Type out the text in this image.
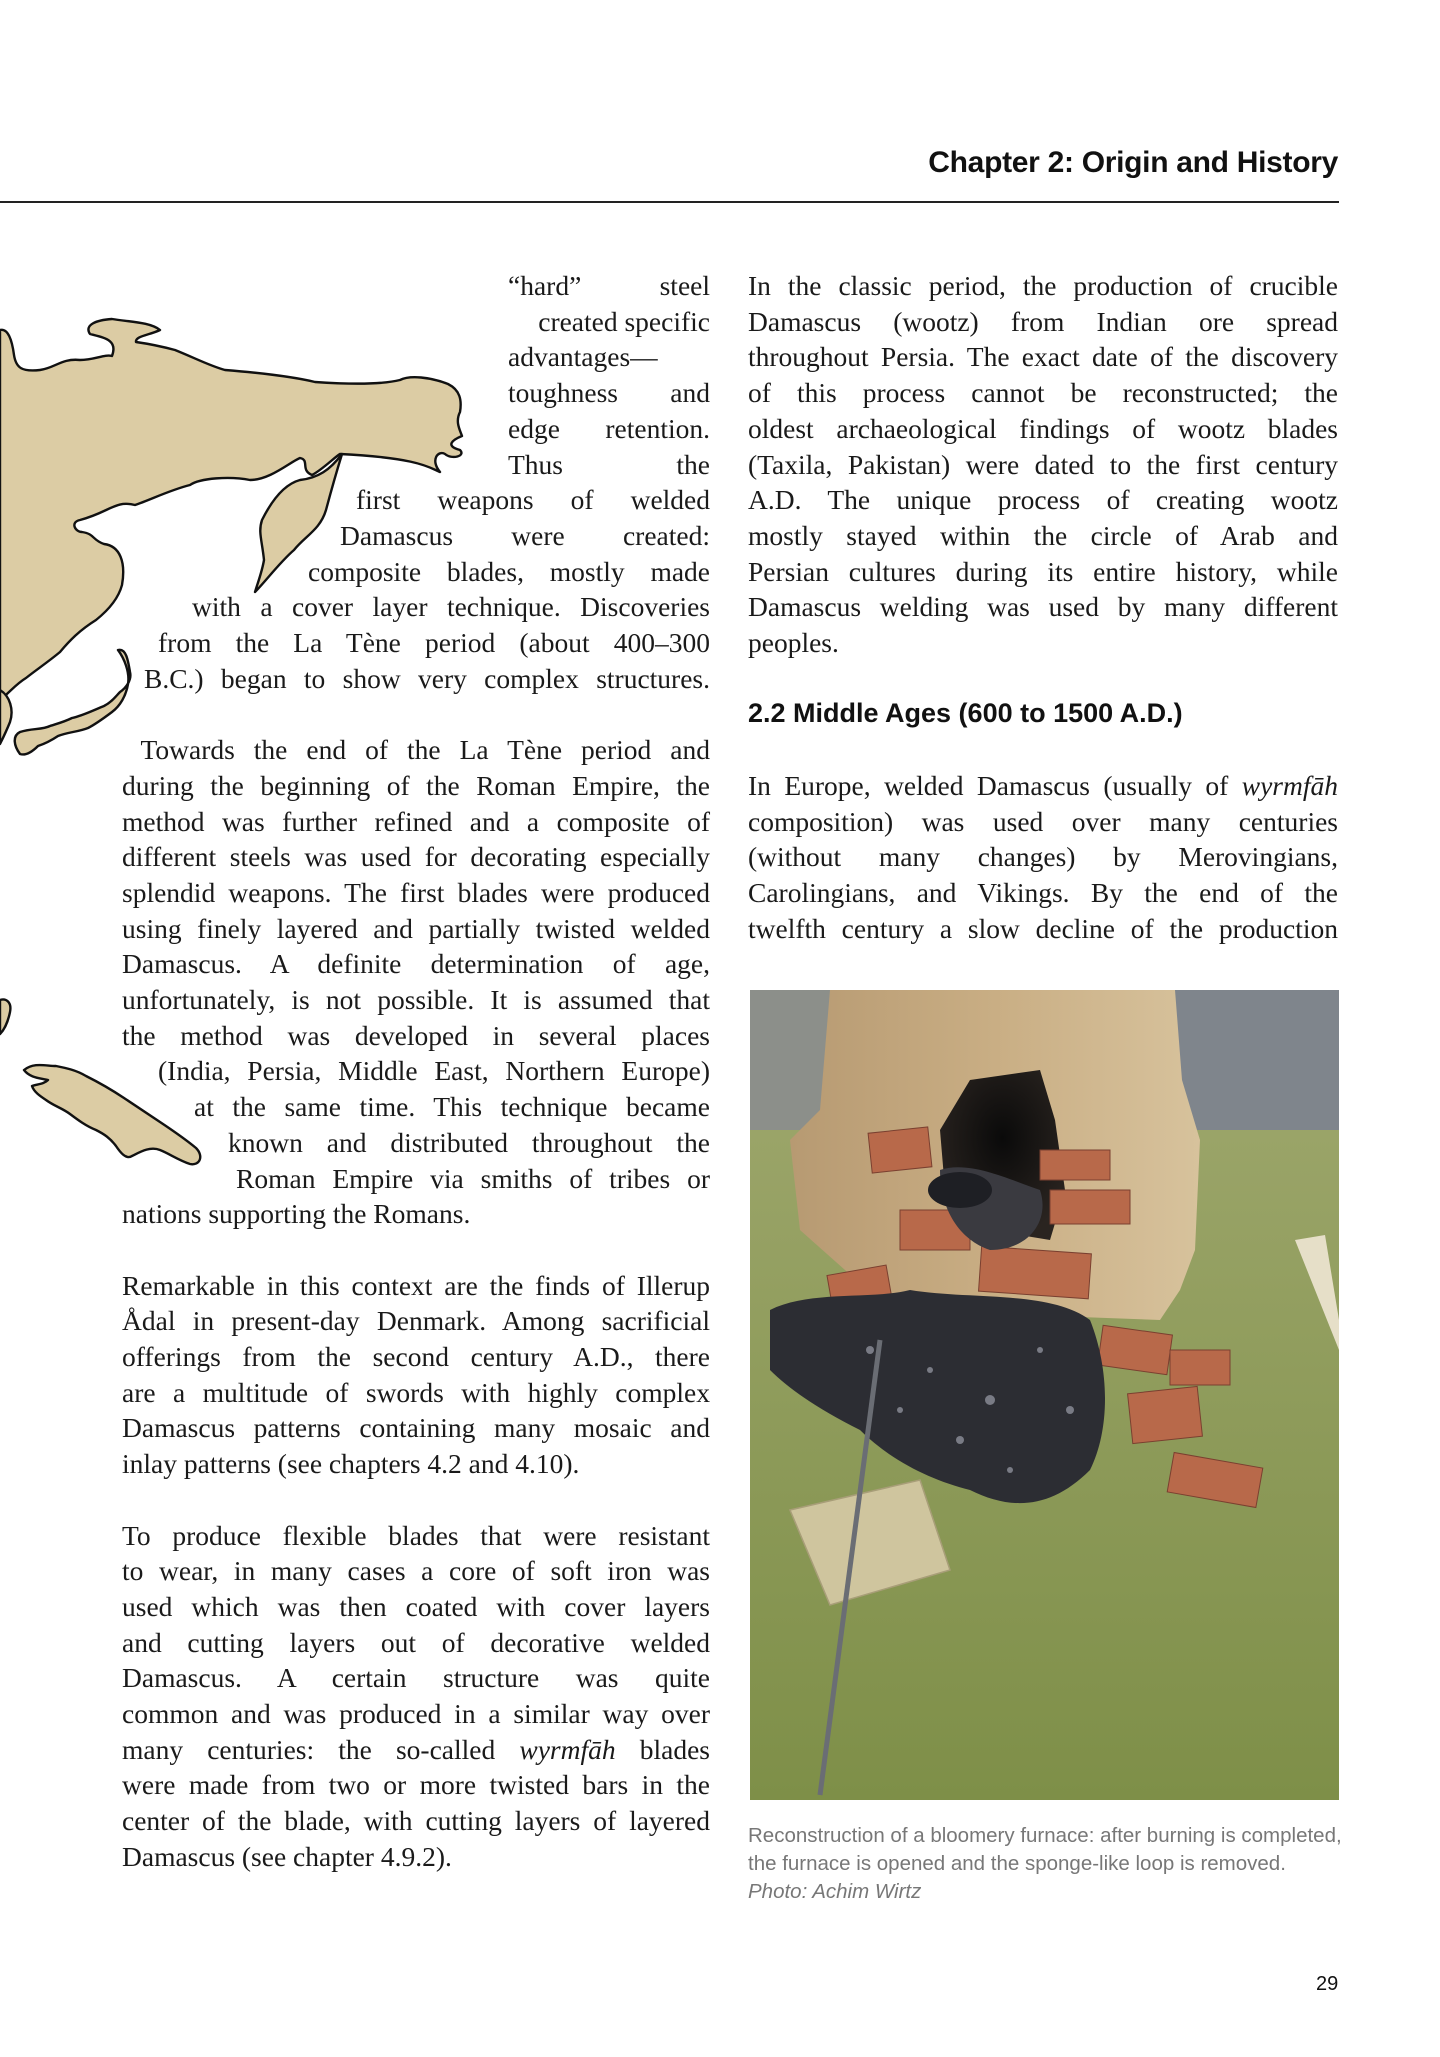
Chapter 2: Origin and History
“hard” steel
created specific
advantages—
toughness and
edge retention.
Thus the
first weapons of welded
Damascus were created:
composite blades, mostly made
with a cover layer technique. Discoveries
from the La Tène period (about 400–300
B.C.) began to show very complex structures.
Towards the end of the La Tène period and
during the beginning of the Roman Empire, the
method was further refined and a composite of
different steels was used for decorating especially
splendid weapons. The first blades were produced
using finely layered and partially twisted welded
Damascus. A definite determination of age,
unfortunately, is not possible. It is assumed that
the method was developed in several places
(India, Persia, Middle East, Northern Europe)
at the same time. This technique became
known and distributed throughout the
Roman Empire via smiths of tribes or
nations supporting the Romans.
Remarkable in this context are the finds of Illerup
Ådal in present-day Denmark. Among sacrificial
offerings from the second century A.D., there
are a multitude of swords with highly complex
Damascus patterns containing many mosaic and
inlay patterns (see chapters 4.2 and 4.10).
To produce flexible blades that were resistant
to wear, in many cases a core of soft iron was
used which was then coated with cover layers
and cutting layers out of decorative welded
Damascus. A certain structure was quite
common and was produced in a similar way over
many centuries: the so-called wyrmfāh blades
were made from two or more twisted bars in the
center of the blade, with cutting layers of layered
Damascus (see chapter 4.9.2).
In the classic period, the production of crucible
Damascus (wootz) from Indian ore spread
throughout Persia. The exact date of the discovery
of this process cannot be reconstructed; the
oldest archaeological findings of wootz blades
(Taxila, Pakistan) were dated to the first century
A.D. The unique process of creating wootz
mostly stayed within the circle of Arab and
Persian cultures during its entire history, while
Damascus welding was used by many different
peoples.
2.2 Middle Ages (600 to 1500 A.D.)
In Europe, welded Damascus (usually of wyrmfāh
composition) was used over many centuries
(without many changes) by Merovingians,
Carolingians, and Vikings. By the end of the
twelfth century a slow decline of the production
Reconstruction of a bloomery furnace: after burning is completed, the furnace is opened and the sponge-like loop is removed.
Photo: Achim Wirtz
29
